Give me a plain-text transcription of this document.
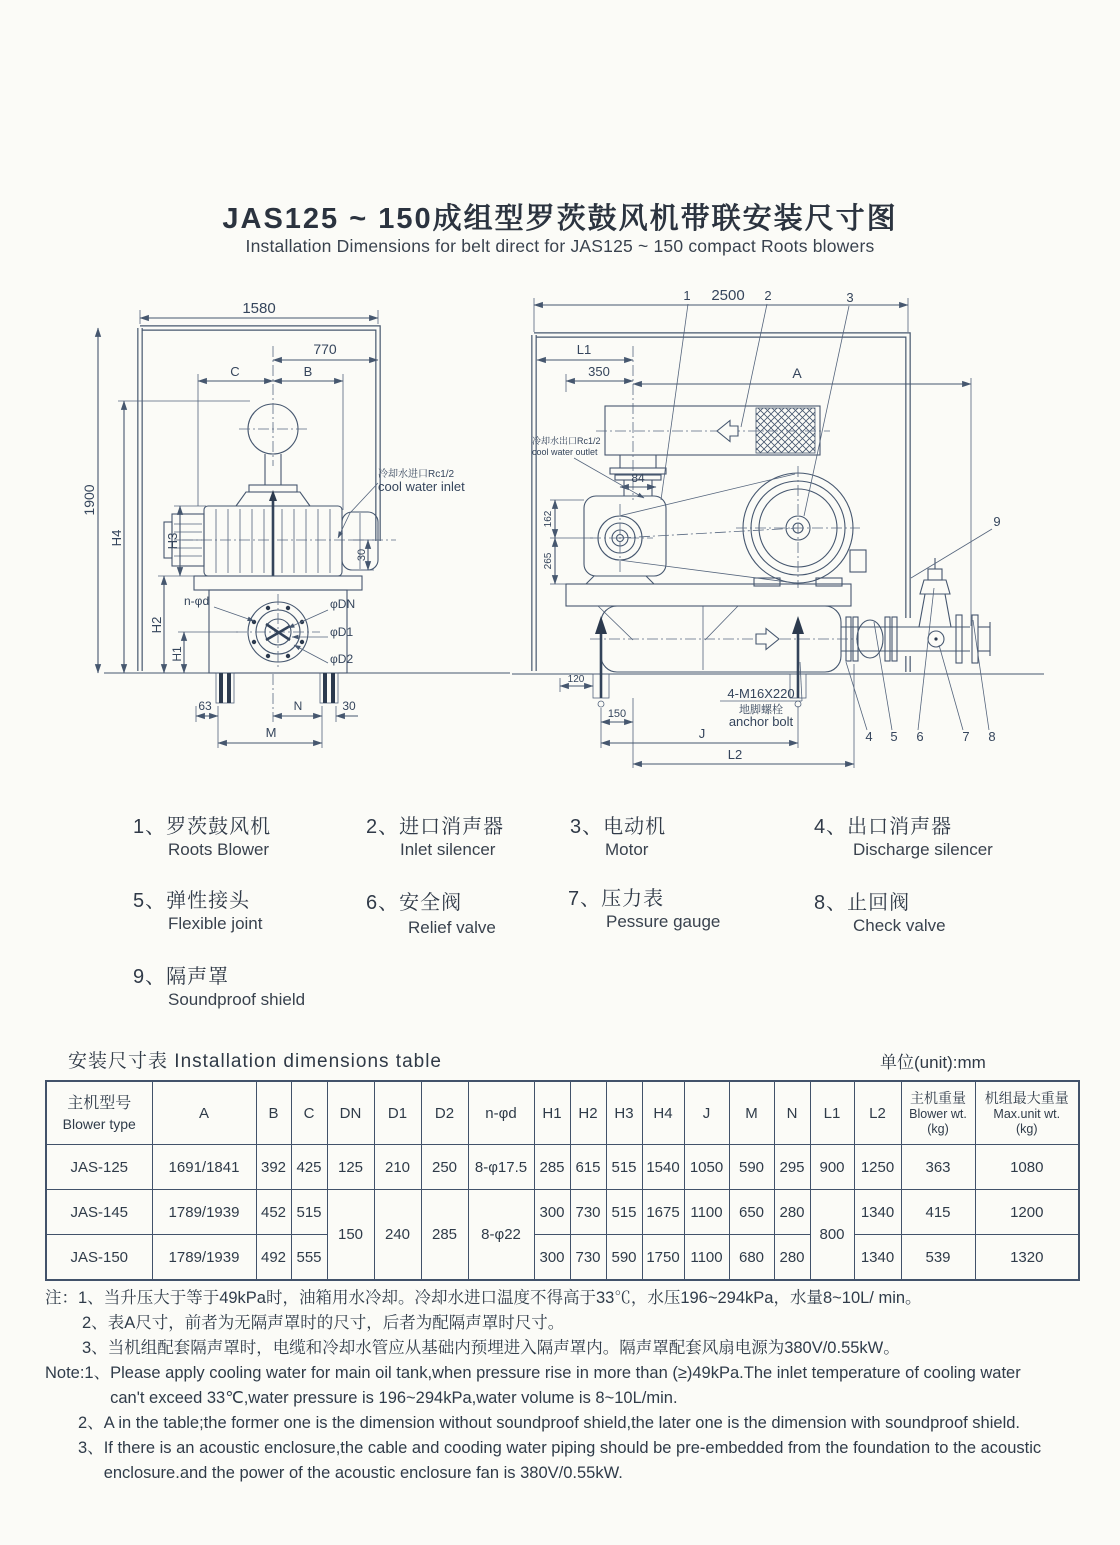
JAS125 ~ 150成组型罗茨鼓风机带联安装尺寸图
Installation Dimensions for belt direct for JAS125 ~ 150 compact Roots blowers
1580
770
C	B
1900
H4	H3
H2
H1
30
n-φd	φDN
φD1
φD2
冷却水进口Rc1/2
cool water inlet
63	N	30
M
2500
1	2	3
L1
350	A
84
162
265
冷却水出口Rc1/2
cool water outlet
120
150
J
L2
4-M16X220
地脚螺栓
anchor bolt
4 5 6	7 8
9
1、罗茨鼓风机
Roots Blower
2、进口消声器
Inlet silencer
3、电动机
Motor
4、出口消声器
Discharge silencer
5、弹性接头
Flexible joint
6、安全阀
Relief valve
7、压力表
Pessure gauge
8、止回阀
Check valve
9、隔声罩
Soundproof shield
安装尺寸表 Installation dimensions table	单位(unit):mm
主机型号
Blower type	A	B	C	DN	D1	D2	n-φd	H1	H2	H3	H4	J	M	N	L1	L2	主机重量
Blower wt.
(kg)	机组最大重量
Max.unit wt.
(kg)

JAS-125	1691/1841	392	425	125	210	250	8-φ17.5	285	615	515	1540	1050	590	295	900	1250	363	1080
JAS-145	1789/1939	452	515	150	240	285	8-φ22	300	730	515	1675	1100	650	280	800	1340	415	1200
JAS-150	1789/1939	492	555					300	730	590	1750	1100	680	280		1340	539	1320
注：1、 当升压大于等于49kPa时，油箱用水冷却。冷却水进口温度不得高于33℃，水压196~294kPa，水量8~10L/ min。
2、 表A尺寸，前者为无隔声罩时的尺寸，后者为配隔声罩时尺寸。
3、 当机组配套隔声罩时，电缆和冷却水管应从基础内预埋进入隔声罩内。隔声罩配套风扇电源为380V/0.55kW。
Note:1、 Please apply cooling water for main oil tank,when pressure rise in more than (≥)49kPa.The inlet temperature of cooling water can't exceed 33℃,water pressure is 196~294kPa,water volume is 8~10L/min.
2、 A in the table;the former one is the dimension without soundproof shield,the later one is the dimension with soundproof shield.
3、 If there is an acoustic enclosure,the cable and cooding water piping should be pre-embedded from the foundation to the acoustic enclosure.and the power of the acoustic enclosure fan is 380V/0.55kW.
